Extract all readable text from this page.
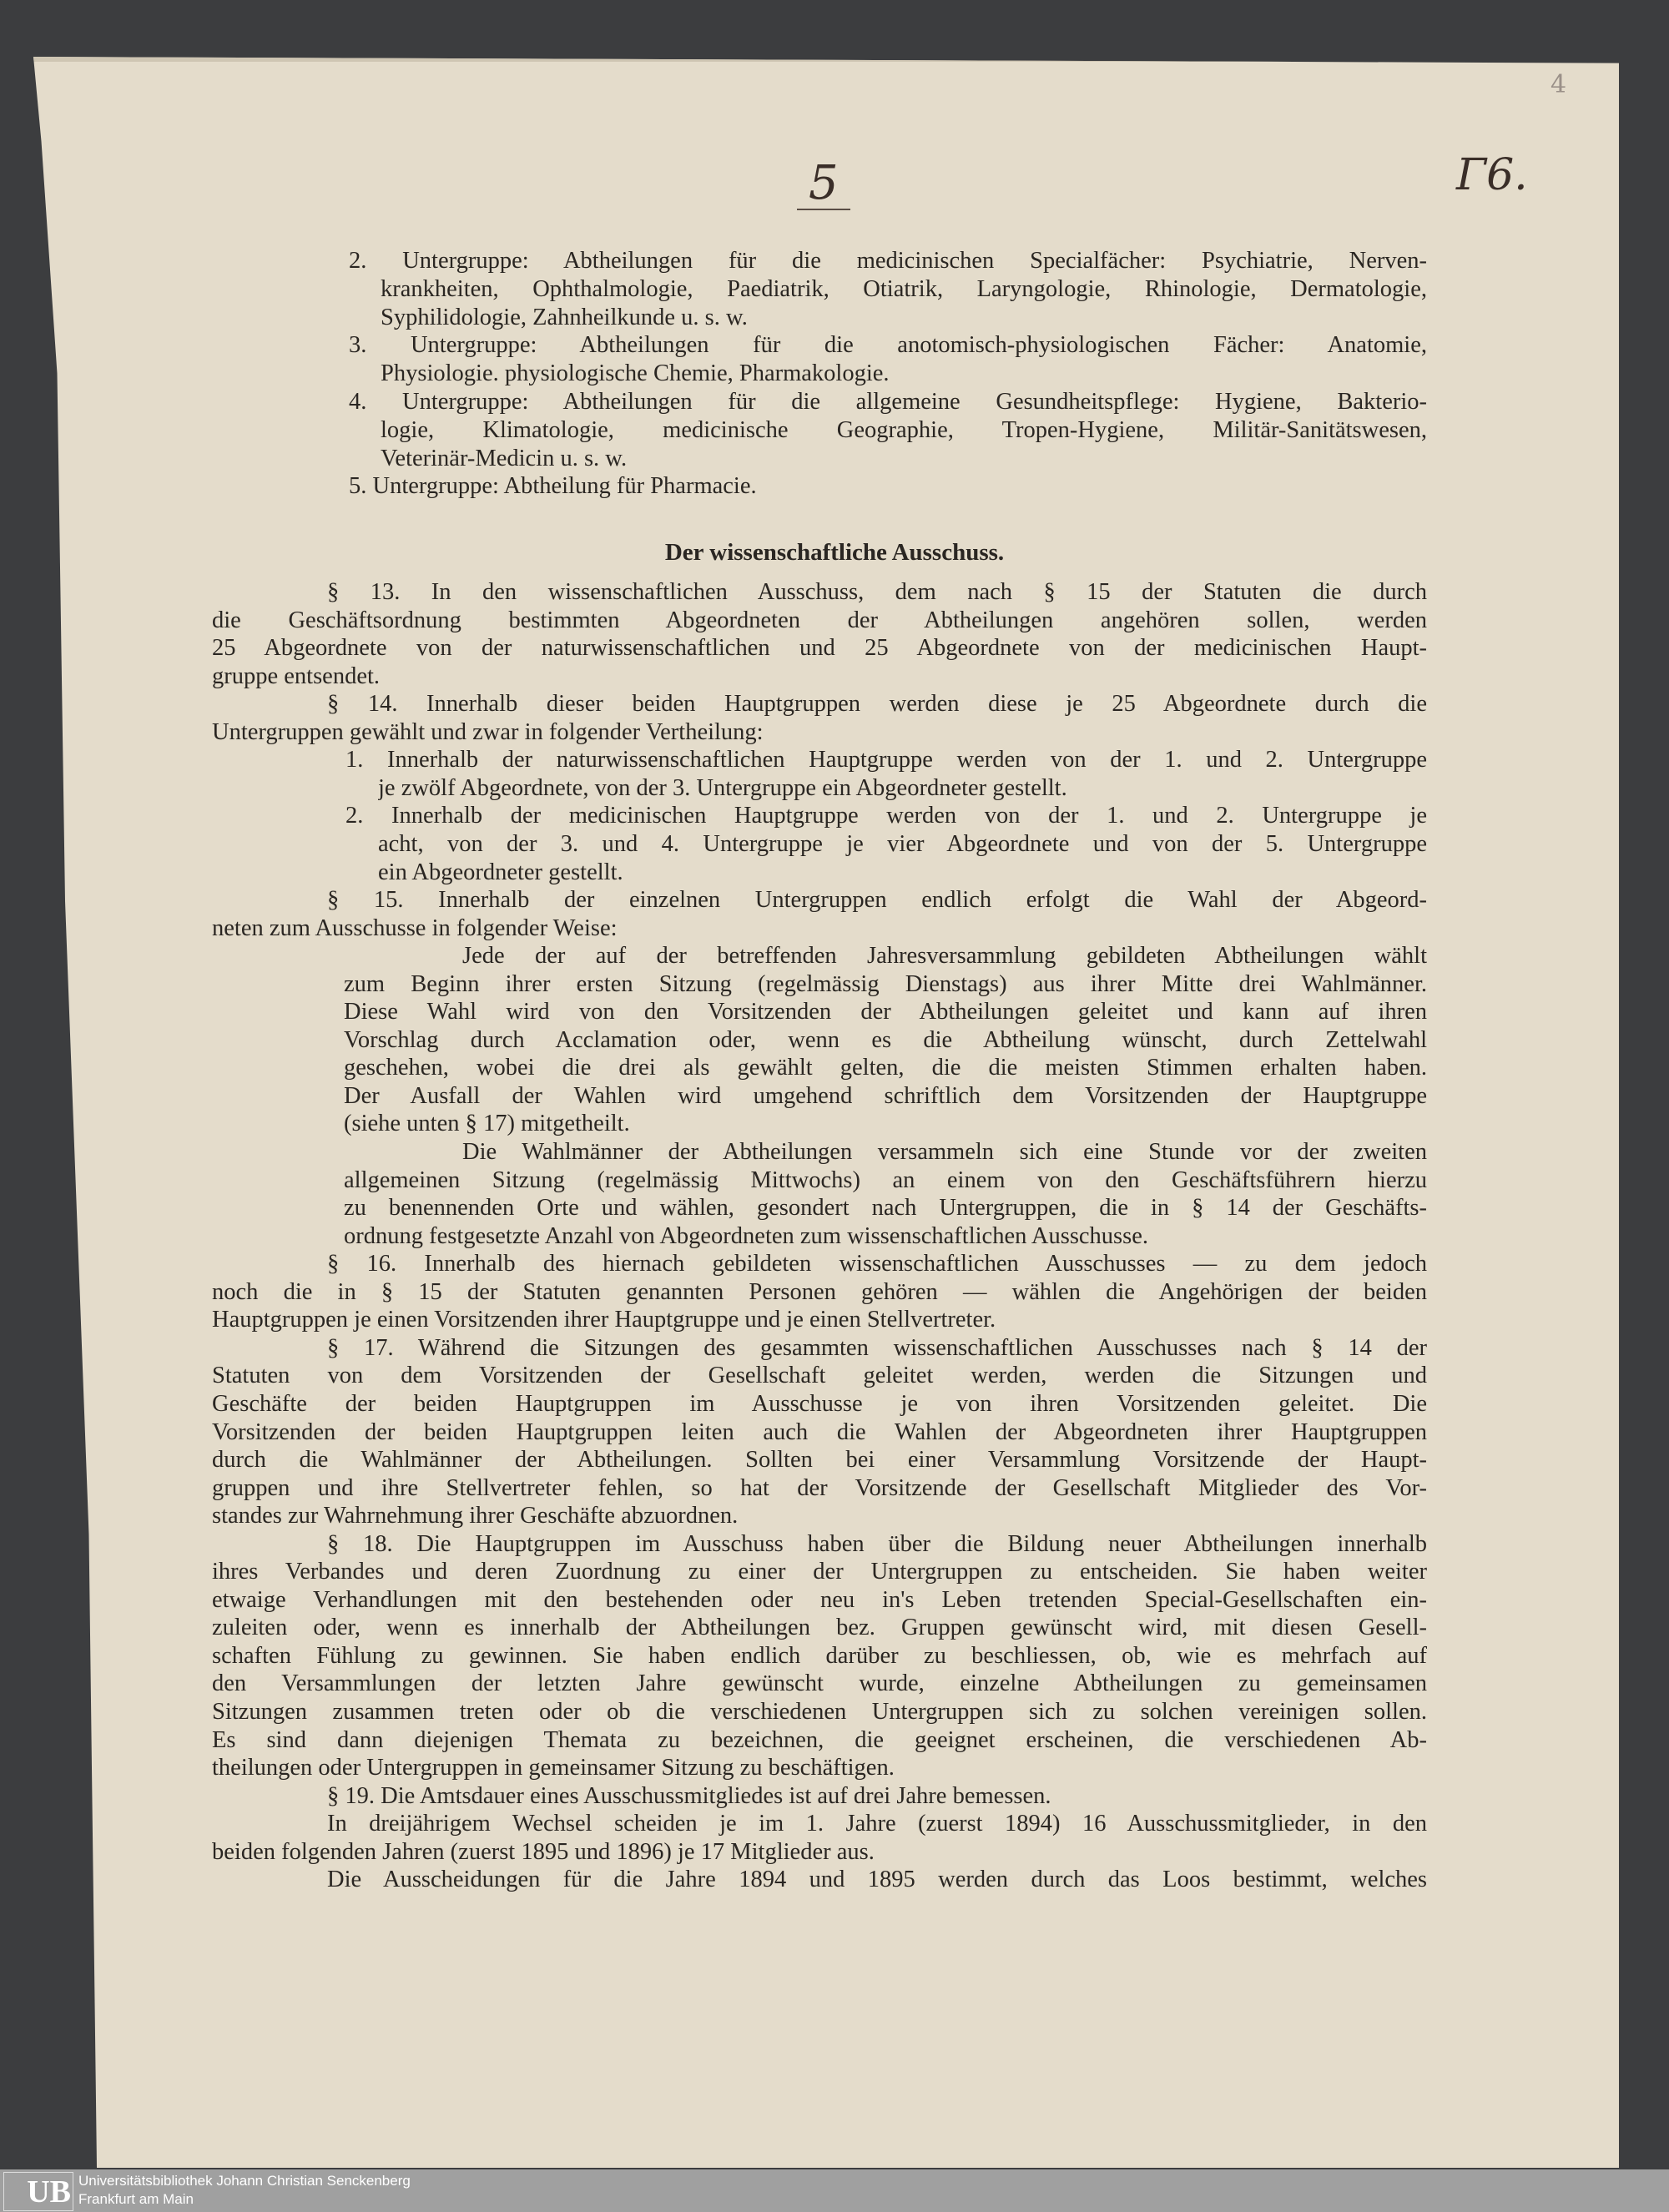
5	Γ6.
4
Der wissenschaftliche Ausschuss.
2. Untergruppe: Abtheilungen für die medicinischen Specialfächer: Psychiatrie, Nerven-
krankheiten, Ophthalmologie, Paediatrik, Otiatrik, Laryngologie, Rhinologie, Dermatologie,
Syphilidologie, Zahnheilkunde u. s. w.
3. Untergruppe: Abtheilungen für die anotomisch-physiologischen Fächer: Anatomie,
Physiologie. physiologische Chemie, Pharmakologie.
4. Untergruppe: Abtheilungen für die allgemeine Gesundheitspflege: Hygiene, Bakterio-
logie, Klimatologie, medicinische Geographie, Tropen-Hygiene, Militär-Sanitätswesen,
Veterinär-Medicin u. s. w.
5. Untergruppe: Abtheilung für Pharmacie.
§ 13. In den wissenschaftlichen Ausschuss, dem nach § 15 der Statuten die durch
die Geschäftsordnung bestimmten Abgeordneten der Abtheilungen angehören sollen, werden
25 Abgeordnete von der naturwissenschaftlichen und 25 Abgeordnete von der medicinischen Haupt-
gruppe entsendet.
§ 14. Innerhalb dieser beiden Hauptgruppen werden diese je 25 Abgeordnete durch die
Untergruppen gewählt und zwar in folgender Vertheilung:
1. Innerhalb der naturwissenschaftlichen Hauptgruppe werden von der 1. und 2. Untergruppe
je zwölf Abgeordnete, von der 3. Untergruppe ein Abgeordneter gestellt.
2. Innerhalb der medicinischen Hauptgruppe werden von der 1. und 2. Untergruppe je
acht, von der 3. und 4. Untergruppe je vier Abgeordnete und von der 5. Untergruppe
ein Abgeordneter gestellt.
§ 15. Innerhalb der einzelnen Untergruppen endlich erfolgt die Wahl der Abgeord-
neten zum Ausschusse in folgender Weise:
Jede der auf der betreffenden Jahresversammlung gebildeten Abtheilungen wählt
zum Beginn ihrer ersten Sitzung (regelmässig Dienstags) aus ihrer Mitte drei Wahlmänner.
Diese Wahl wird von den Vorsitzenden der Abtheilungen geleitet und kann auf ihren
Vorschlag durch Acclamation oder, wenn es die Abtheilung wünscht, durch Zettelwahl
geschehen, wobei die drei als gewählt gelten, die die meisten Stimmen erhalten haben.
Der Ausfall der Wahlen wird umgehend schriftlich dem Vorsitzenden der Hauptgruppe
(siehe unten § 17) mitgetheilt.
Die Wahlmänner der Abtheilungen versammeln sich eine Stunde vor der zweiten
allgemeinen Sitzung (regelmässig Mittwochs) an einem von den Geschäftsführern hierzu
zu benennenden Orte und wählen, gesondert nach Untergruppen, die in § 14 der Geschäfts-
ordnung festgesetzte Anzahl von Abgeordneten zum wissenschaftlichen Ausschusse.
§ 16. Innerhalb des hiernach gebildeten wissenschaftlichen Ausschusses — zu dem jedoch
noch die in § 15 der Statuten genannten Personen gehören — wählen die Angehörigen der beiden
Hauptgruppen je einen Vorsitzenden ihrer Hauptgruppe und je einen Stellvertreter.
§ 17. Während die Sitzungen des gesammten wissenschaftlichen Ausschusses nach § 14 der
Statuten von dem Vorsitzenden der Gesellschaft geleitet werden, werden die Sitzungen und
Geschäfte der beiden Hauptgruppen im Ausschusse je von ihren Vorsitzenden geleitet. Die
Vorsitzenden der beiden Hauptgruppen leiten auch die Wahlen der Abgeordneten ihrer Hauptgruppen
durch die Wahlmänner der Abtheilungen. Sollten bei einer Versammlung Vorsitzende der Haupt-
gruppen und ihre Stellvertreter fehlen, so hat der Vorsitzende der Gesellschaft Mitglieder des Vor-
standes zur Wahrnehmung ihrer Geschäfte abzuordnen.
§ 18. Die Hauptgruppen im Ausschuss haben über die Bildung neuer Abtheilungen innerhalb
ihres Verbandes und deren Zuordnung zu einer der Untergruppen zu entscheiden. Sie haben weiter
etwaige Verhandlungen mit den bestehenden oder neu in's Leben tretenden Special-Gesellschaften ein-
zuleiten oder, wenn es innerhalb der Abtheilungen bez. Gruppen gewünscht wird, mit diesen Gesell-
schaften Fühlung zu gewinnen. Sie haben endlich darüber zu beschliessen, ob, wie es mehrfach auf
den Versammlungen der letzten Jahre gewünscht wurde, einzelne Abtheilungen zu gemeinsamen
Sitzungen zusammen treten oder ob die verschiedenen Untergruppen sich zu solchen vereinigen sollen.
Es sind dann diejenigen Themata zu bezeichnen, die geeignet erscheinen, die verschiedenen Ab-
theilungen oder Untergruppen in gemeinsamer Sitzung zu beschäftigen.
§ 19. Die Amtsdauer eines Ausschussmitgliedes ist auf drei Jahre bemessen.
In dreijährigem Wechsel scheiden je im 1. Jahre (zuerst 1894) 16 Ausschussmitglieder, in den
beiden folgenden Jahren (zuerst 1895 und 1896) je 17 Mitglieder aus.
Die Ausscheidungen für die Jahre 1894 und 1895 werden durch das Loos bestimmt, welches
UB Universitätsbibliothek Johann Christian Senckenberg
Frankfurt am Main
